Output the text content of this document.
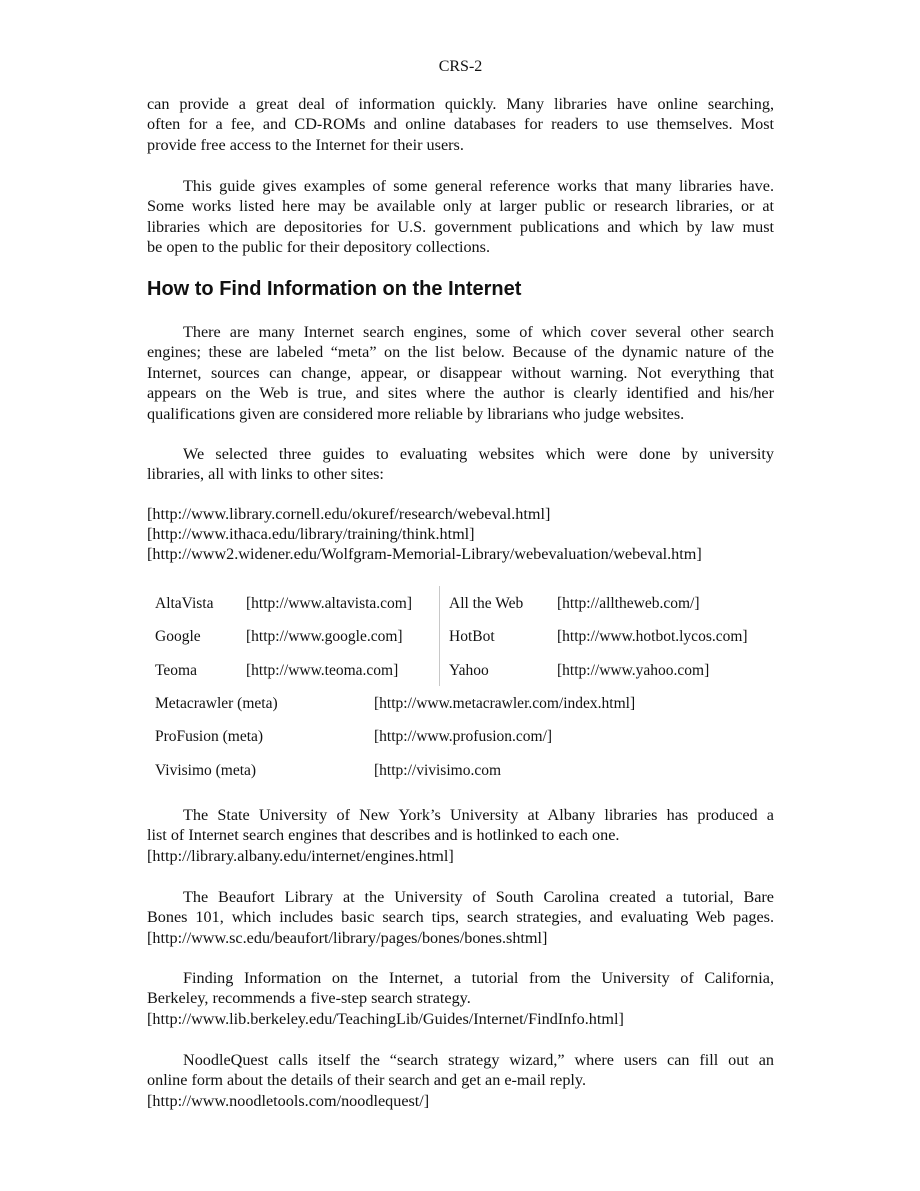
CRS-2

can provide a great deal of information quickly. Many libraries have online searching,
often for a fee, and CD-ROMs and online databases for readers to use themselves. Most
provide free access to the Internet for their users.

This guide gives examples of some general reference works that many libraries have.
Some works listed here may be available only at larger public or research libraries, or at
libraries which are depositories for U.S. government publications and which by law must
be open to the public for their depository collections.

How to Find Information on the Internet

There are many Internet search engines, some of which cover several other search
engines; these are labeled “meta” on the list below. Because of the dynamic nature of the
Internet, sources can change, appear, or disappear without warning. Not everything that
appears on the Web is true, and sites where the author is clearly identified and his/her
qualifications given are considered more reliable by librarians who judge websites.

We selected three guides to evaluating websites which were done by university
libraries, all with links to other sites:

[http://www.library.cornell.edu/okuref/research/webeval.html]

[http://www.ithaca.edu/library/training/think.html]

[http://www2.widener.edu/Wolfgram-Memorial-Library/webevaluation/webeval.htm]

AltaVista [http://www.altavista.com] All the Web [http://alltheweb.com/]
Google	[http://www.google.com]	HotBot	[http://www.hotbot.lycos.com]
Teoma	[http://www.teoma.com]	Yahoo	[http://www.yahoo.com]
Metacrawler (meta)	[http://www.metacrawler.com/index.html]
ProFusion (meta)	[http://www.profusion.com/]
Vivisimo (meta)	[http://vivisimo.com

The State University of New York’s University at Albany libraries has produced a
list of Internet search engines that describes and is hotlinked to each one.
[http://library.albany.edu/internet/engines.html]

The Beaufort Library at the University of South Carolina created a tutorial, Bare
Bones 101, which includes basic search tips, search strategies, and evaluating Web pages.
[http://www.sc.edu/beaufort/library/pages/bones/bones.shtml]

Finding Information on the Internet, a tutorial from the University of California,
Berkeley, recommends a five-step search strategy.
[http://www.lib.berkeley.edu/TeachingLib/Guides/Internet/FindInfo.html]

NoodleQuest calls itself the “search strategy wizard,” where users can fill out an
online form about the details of their search and get an e-mail reply.
[http://www.noodletools.com/noodlequest/]
